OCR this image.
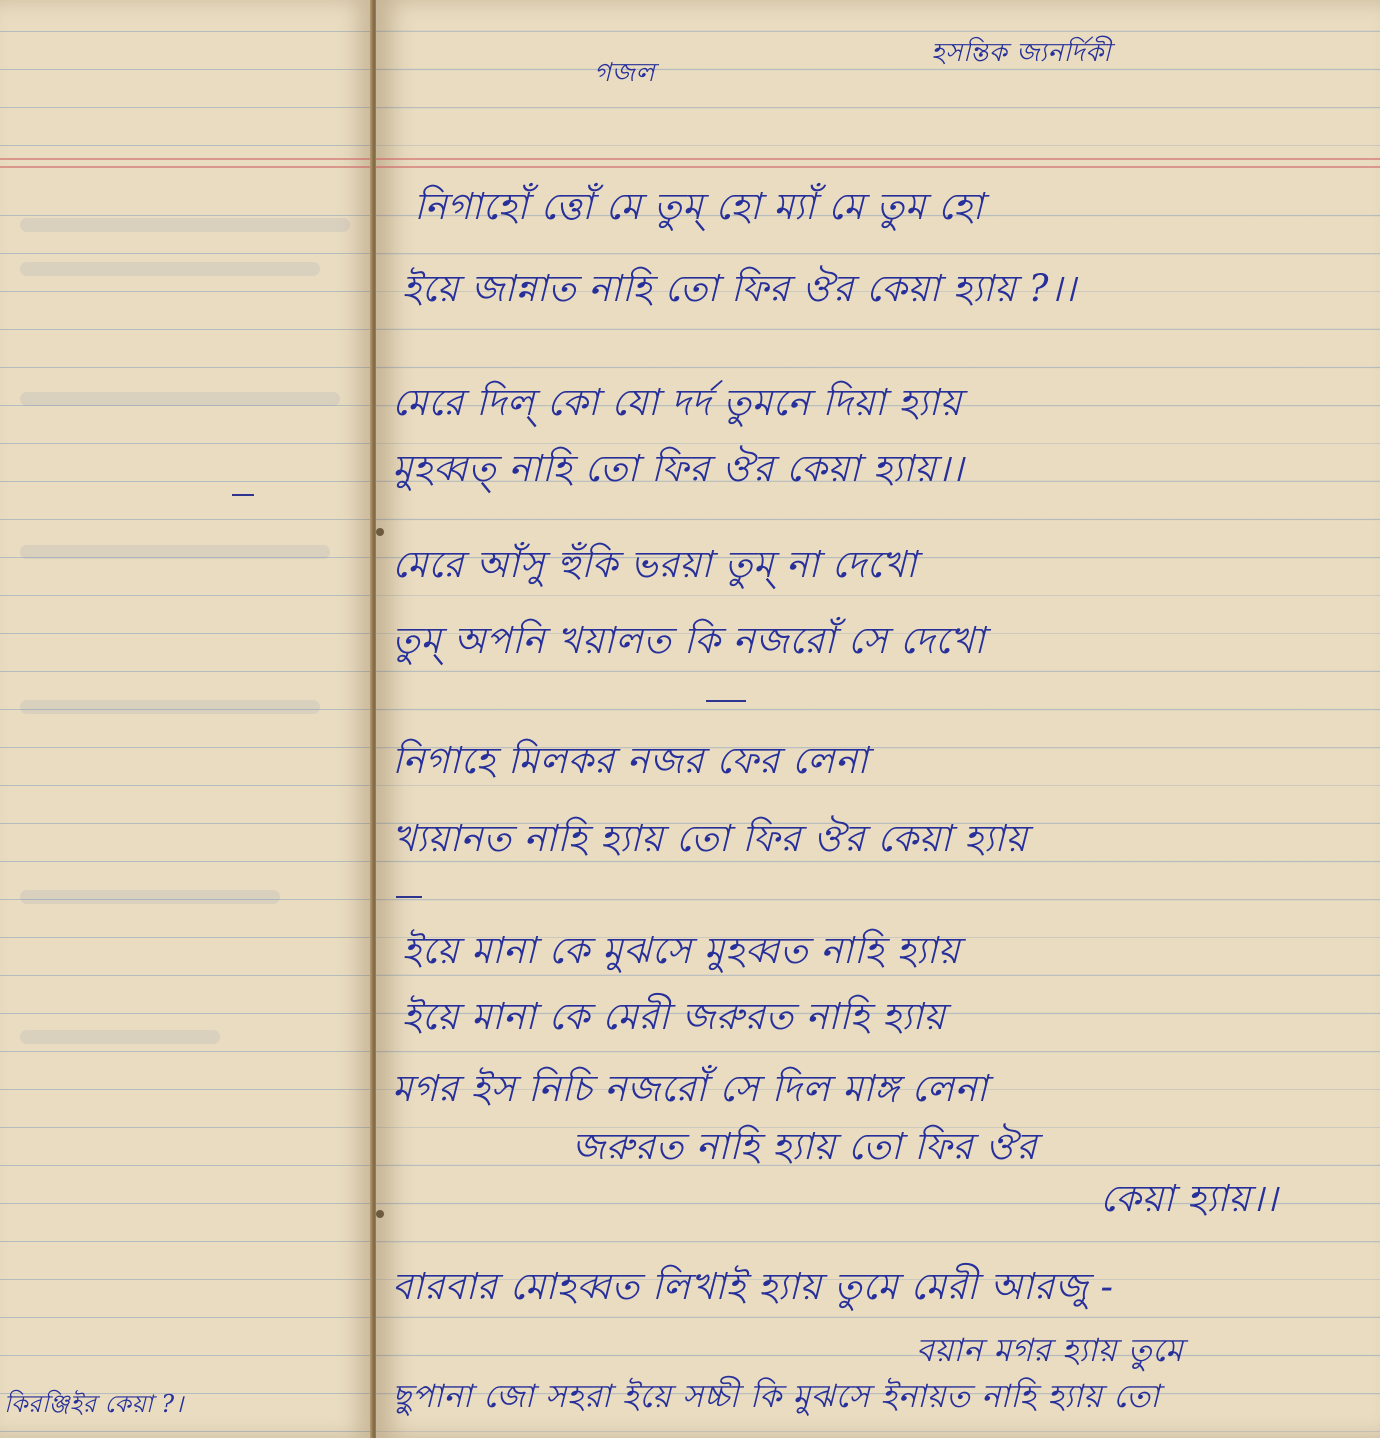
কিরঞ্জিইর কেয়া ?।

গজল

হসন্তিক জ্যনর্দিকী

নিগাহোঁ ত্তোঁ মে তুম্ হো ম্যাঁ মে তুম হো

ইয়ে জান্নাত নাহি তো ফির ঔর কেয়া হ্যায় ?।।

মেরে দিল্ কো যো দর্দ তুমনে দিয়া হ্যায়

মুহব্বত্ নাহি তো ফির ঔর কেয়া হ্যায়।।

মেরে আঁসু হুঁকি ভরয়া তুম্ না দেখো

তুম্ অপনি খয়ালত কি নজরোঁ সে দেখো

নিগাহে মিলকর নজর ফের লেনা

খ্যয়ানত নাহি হ্যায় তো ফির ঔর কেয়া হ্যায়

ইয়ে মানা কে মুঝসে মুহব্বত নাহি হ্যায়

ইয়ে মানা কে মেরী জরুরত নাহি হ্যায়

মগর ইস নিচি নজরোঁ সে দিল মাঙ্গ লেনা

জরুরত নাহি হ্যায় তো ফির ঔর

কেয়া হ্যায়।।

বারবার মোহব্বত লিখাই হ্যায় তুমে মেরী আরজু -

বয়ান মগর হ্যায় তুমে

ছুপানা জো সহরা ইয়ে সচ্চী কি মুঝসে ইনায়ত নাহি হ্যায় তো
